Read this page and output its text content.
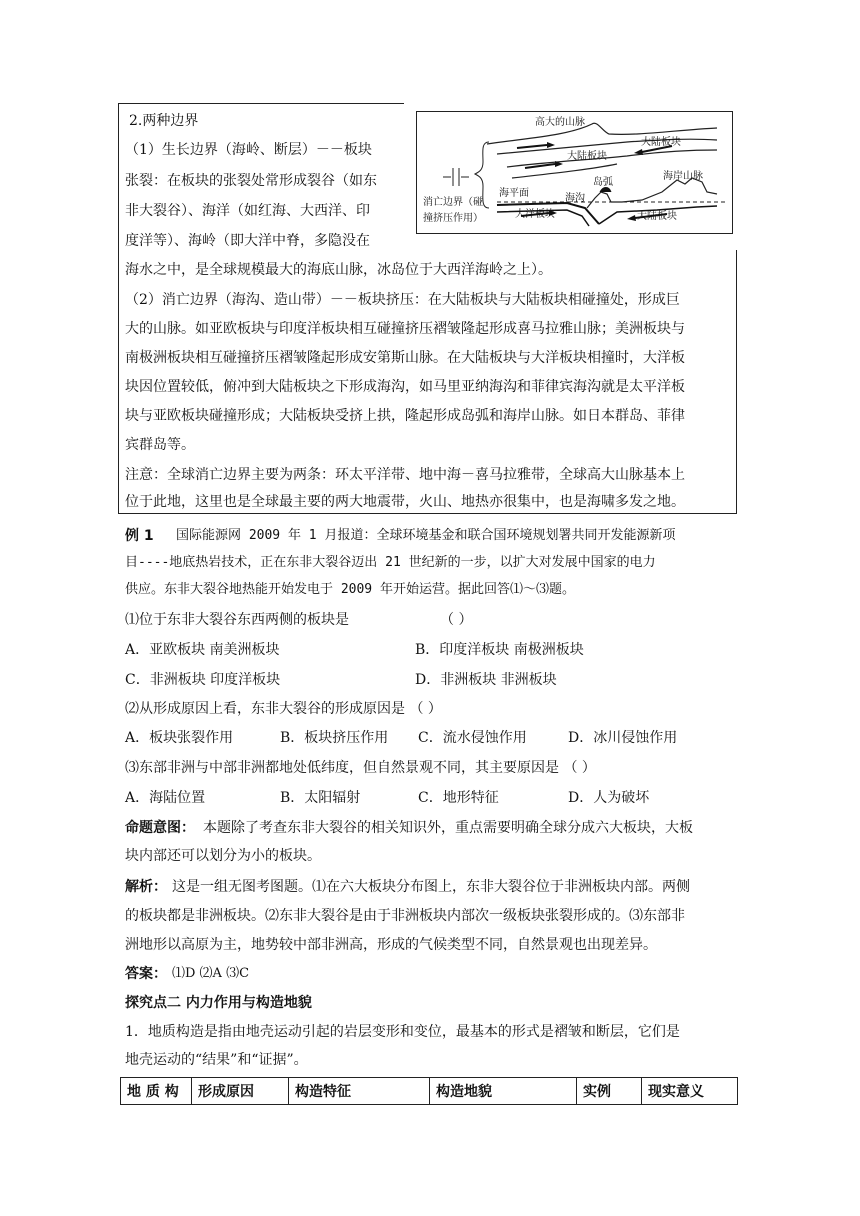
2.两种边界
（1）生长边界（海岭、断层）－－板块
张裂：在板块的张裂处常形成裂谷（如东
非大裂谷）、海洋（如红海、大西洋、印
度洋等）、海岭（即大洋中脊，多隐没在
海水之中，是全球规模最大的海底山脉，冰岛位于大西洋海岭之上）。
（2）消亡边界（海沟、造山带）－－板块挤压：在大陆板块与大陆板块相碰撞处，形成巨
大的山脉。如亚欧板块与印度洋板块相互碰撞挤压褶皱隆起形成喜马拉雅山脉；美洲板块与
南极洲板块相互碰撞挤压褶皱隆起形成安第斯山脉。在大陆板块与大洋板块相撞时，大洋板
块因位置较低，俯冲到大陆板块之下形成海沟，如马里亚纳海沟和菲律宾海沟就是太平洋板
块与亚欧板块碰撞形成；大陆板块受挤上拱，隆起形成岛弧和海岸山脉。如日本群岛、菲律
宾群岛等。
注意：全球消亡边界主要为两条：环太平洋带、地中海－喜马拉雅带，全球高大山脉基本上
位于此地，这里也是全球最主要的两大地震带，火山、地热亦很集中，也是海啸多发之地。
高大的山脉
大陆板块
大陆板块
消亡边界（碰
撞挤压作用）
海平面	海沟
岛弧
海岸山脉
大洋板块	大陆板块
例 1 国际能源网 2009 年 1 月报道：全球环境基金和联合国环境规划署共同开发能源新项
目----地底热岩技术，正在东非大裂谷迈出 21 世纪新的一步，以扩大对发展中国家的电力
供应。东非大裂谷地热能开始发电于 2009 年开始运营。据此回答⑴～⑶题。
⑴位于东非大裂谷东西两侧的板块是	（ ）
A．亚欧板块 南美洲板块	B．印度洋板块 南极洲板块
C．非洲板块 印度洋板块	D．非洲板块 非洲板块
⑵从形成原因上看，东非大裂谷的形成原因是 （ ）
A．板块张裂作用	B．板块挤压作用 C．流水侵蚀作用	D．冰川侵蚀作用
⑶东部非洲与中部非洲都地处低纬度，但自然景观不同，其主要原因是 （ ）
A．海陆位置	B．太阳辐射	C．地形特征	D．人为破坏
命题意图： 本题除了考查东非大裂谷的相关知识外，重点需要明确全球分成六大板块，大板
块内部还可以划分为小的板块。
解析： 这是一组无图考图题。⑴在六大板块分布图上，东非大裂谷位于非洲板块内部。两侧
的板块都是非洲板块。⑵东非大裂谷是由于非洲板块内部次一级板块张裂形成的。⑶东部非
洲地形以高原为主，地势较中部非洲高，形成的气候类型不同，自然景观也出现差异。
答案： ⑴D ⑵A ⑶C
探究点二 内力作用与构造地貌
1．地质构造是指由地壳运动引起的岩层变形和变位，最基本的形式是褶皱和断层，它们是
地壳运动的“结果”和“证据”。
地 质 构	形成原因	构造特征	构造地貌	实例	现实意义
